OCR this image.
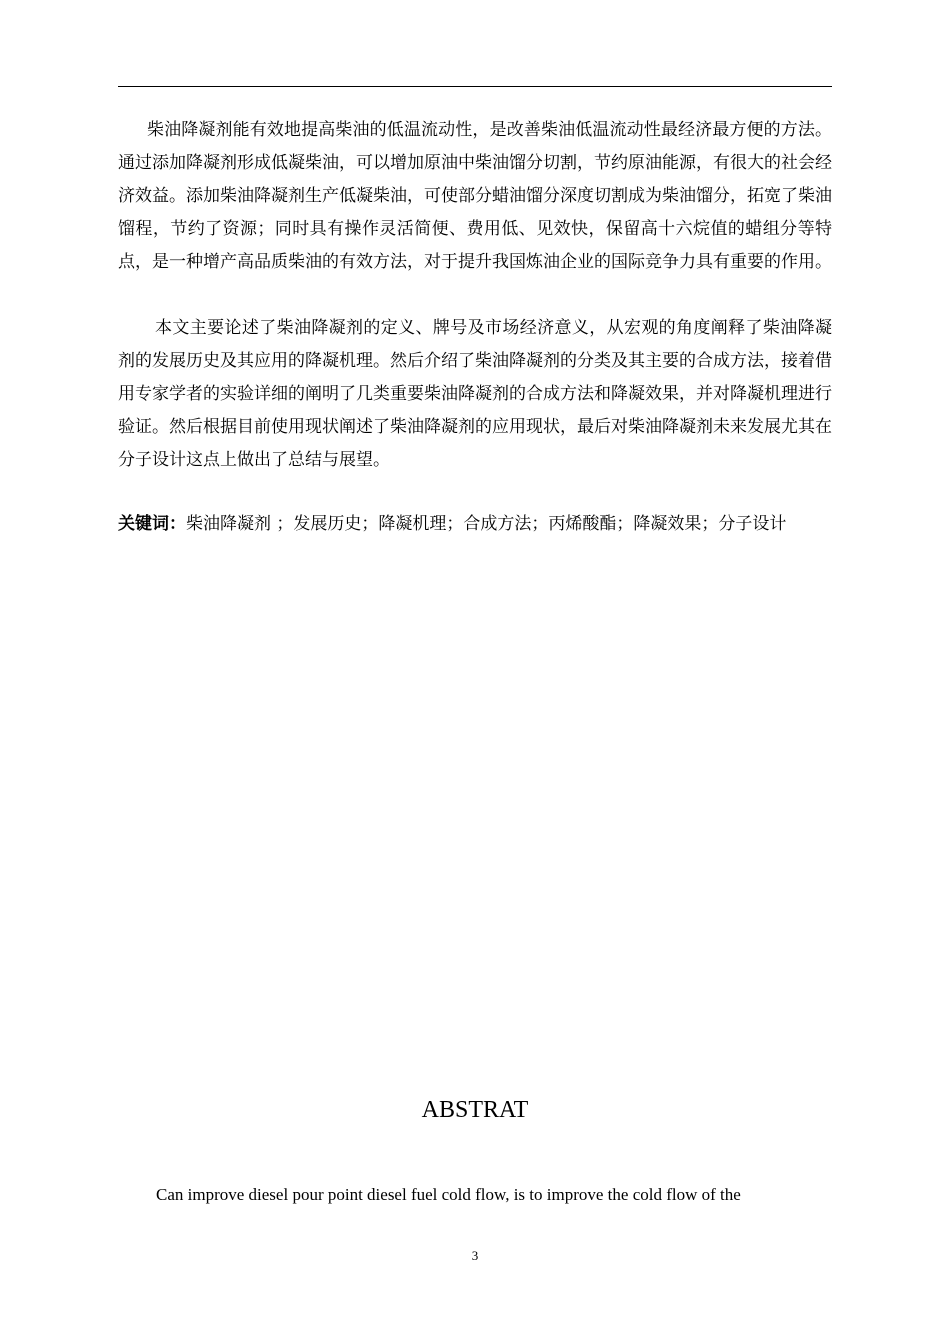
柴油降凝剂能有效地提高柴油的低温流动性，是改善柴油低温流动性最经济最方便的方法。通过添加降凝剂形成低凝柴油，可以增加原油中柴油馏分切割，节约原油能源，有很大的社会经济效益。添加柴油降凝剂生产低凝柴油，可使部分蜡油馏分深度切割成为柴油馏分，拓宽了柴油馏程，节约了资源；同时具有操作灵活简便、费用低、见效快，保留高十六烷值的蜡组分等特点，是一种增产高品质柴油的有效方法，对于提升我国炼油企业的国际竞争力具有重要的作用。

本文主要论述了柴油降凝剂的定义、牌号及市场经济意义，从宏观的角度阐释了柴油降凝剂的发展历史及其应用的降凝机理。然后介绍了柴油降凝剂的分类及其主要的合成方法，接着借用专家学者的实验详细的阐明了几类重要柴油降凝剂的合成方法和降凝效果，并对降凝机理进行验证。然后根据目前使用现状阐述了柴油降凝剂的应用现状，最后对柴油降凝剂未来发展尤其在分子设计这点上做出了总结与展望。

关键词：柴油降凝剂 ；发展历史；降凝机理；合成方法；丙烯酸酯；降凝效果；分子设计

ABSTRAT

Can improve diesel pour point diesel fuel cold flow, is to improve the cold flow of the

3
